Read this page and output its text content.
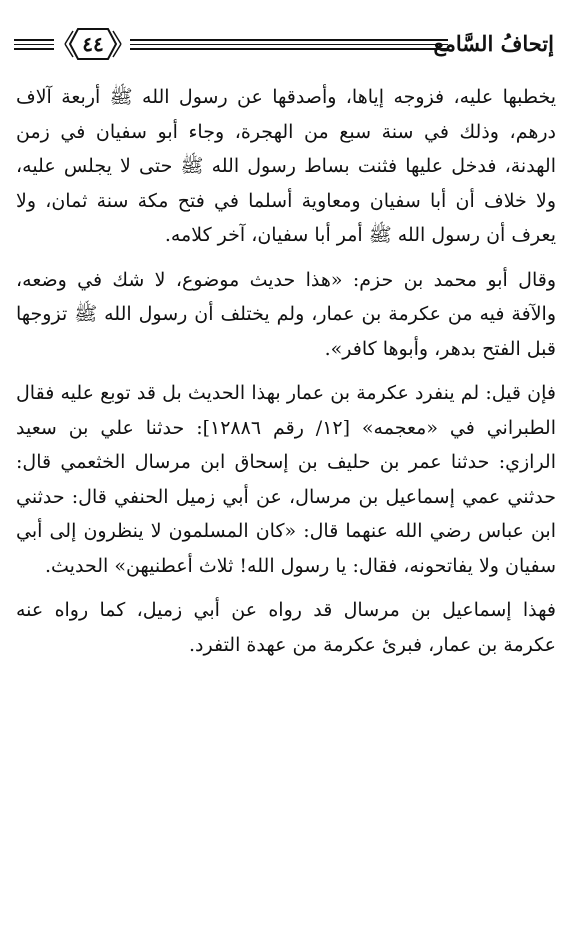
٤٤	إتحافُ السَّامع

يخطبها عليه، فزوجه إياها، وأصدقها عن رسول الله ﷺ أربعة آلاف درهم، وذلك في سنة سبع من الهجرة، وجاء أبو سفيان في زمن الهدنة، فدخل عليها فثنت بساط رسول الله ﷺ حتى لا يجلس عليه، ولا خلاف أن أبا سفيان ومعاوية أسلما في فتح مكة سنة ثمان، ولا يعرف أن رسول الله ﷺ أمر أبا سفيان، آخر كلامه.

وقال أبو محمد بن حزم: «هذا حديث موضوع، لا شك في وضعه، والآفة فيه من عكرمة بن عمار، ولم يختلف أن رسول الله ﷺ تزوجها قبل الفتح بدهر، وأبوها كافر».

فإن قيل: لم ينفرد عكرمة بن عمار بهذا الحديث بل قد توبع عليه فقال الطبراني في «معجمه» [١٢/ رقم ١٢٨٨٦]: حدثنا علي بن سعيد الرازي: حدثنا عمر بن حليف بن إسحاق ابن مرسال الخثعمي قال: حدثني عمي إسماعيل بن مرسال، عن أبي زميل الحنفي قال: حدثني ابن عباس رضي الله عنهما قال: «كان المسلمون لا ينظرون إلى أبي سفيان ولا يفاتحونه، فقال: يا رسول الله! ثلاث أعطنيهن» الحديث.

فهذا إسماعيل بن مرسال قد رواه عن أبي زميل، كما رواه عنه عكرمة بن عمار، فبرئ عكرمة من عهدة التفرد.
